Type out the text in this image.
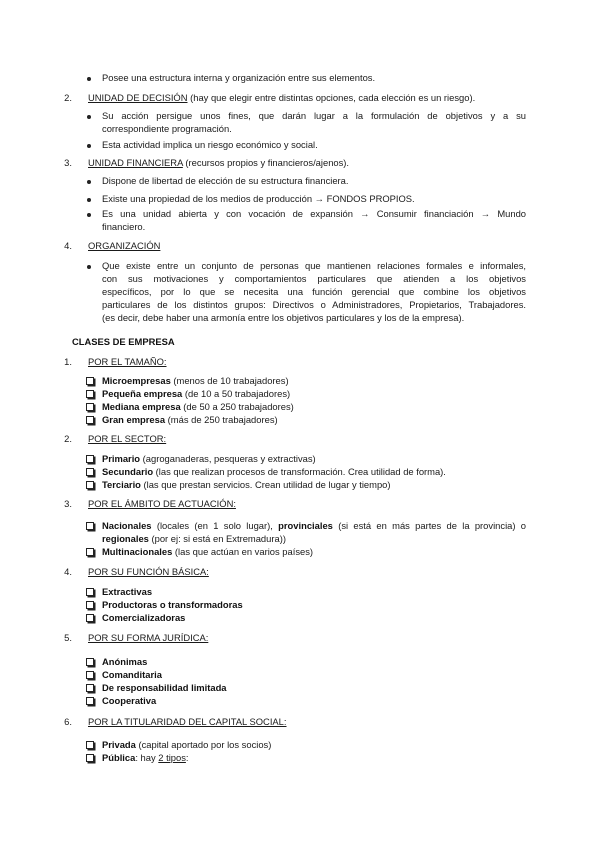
Posee una estructura interna y organización entre sus elementos.
2. UNIDAD DE DECISIÓN (hay que elegir entre distintas opciones, cada elección es un riesgo).
Su acción persigue unos fines, que darán lugar a la formulación de objetivos y a su
correspondiente programación.
Esta actividad implica un riesgo económico y social.
3. UNIDAD FINANCIERA (recursos propios y financieros/ajenos).
Dispone de libertad de elección de su estructura financiera.
Existe una propiedad de los medios de producción → FONDOS PROPIOS.
Es una unidad abierta y con vocación de expansión → Consumir financiación → Mundo
financiero.
4. ORGANIZACIÓN
Que existe entre un conjunto de personas que mantienen relaciones formales e informales,
con sus motivaciones y comportamientos particulares que atienden a los objetivos
específicos, por lo que se necesita una función gerencial que combine los objetivos
particulares de los distintos grupos: Directivos o Administradores, Propietarios, Trabajadores.
(es decir, debe haber una armonía entre los objetivos particulares y los de la empresa).
CLASES DE EMPRESA
1. POR EL TAMAÑO:
Microempresas (menos de 10 trabajadores)
Pequeña empresa (de 10 a 50 trabajadores)
Mediana empresa (de 50 a 250 trabajadores)
Gran empresa (más de 250 trabajadores)
2. POR EL SECTOR:
Primario (agroganaderas, pesqueras y extractivas)
Secundario (las que realizan procesos de transformación. Crea utilidad de forma).
Terciario (las que prestan servicios. Crean utilidad de lugar y tiempo)
3. POR EL ÁMBITO DE ACTUACIÓN:
Nacionales (locales (en 1 solo lugar), provinciales (si está en más partes de la provincia) o
regionales (por ej: si está en Extremadura))
Multinacionales (las que actúan en varios países)
4. POR SU FUNCIÓN BÁSICA:
Extractivas
Productoras o transformadoras
Comercializadoras
5. POR SU FORMA JURÍDICA:
Anónimas
Comanditaria
De responsabilidad limitada
Cooperativa
6. POR LA TITULARIDAD DEL CAPITAL SOCIAL:
Privada (capital aportado por los socios)
Pública: hay 2 tipos:
